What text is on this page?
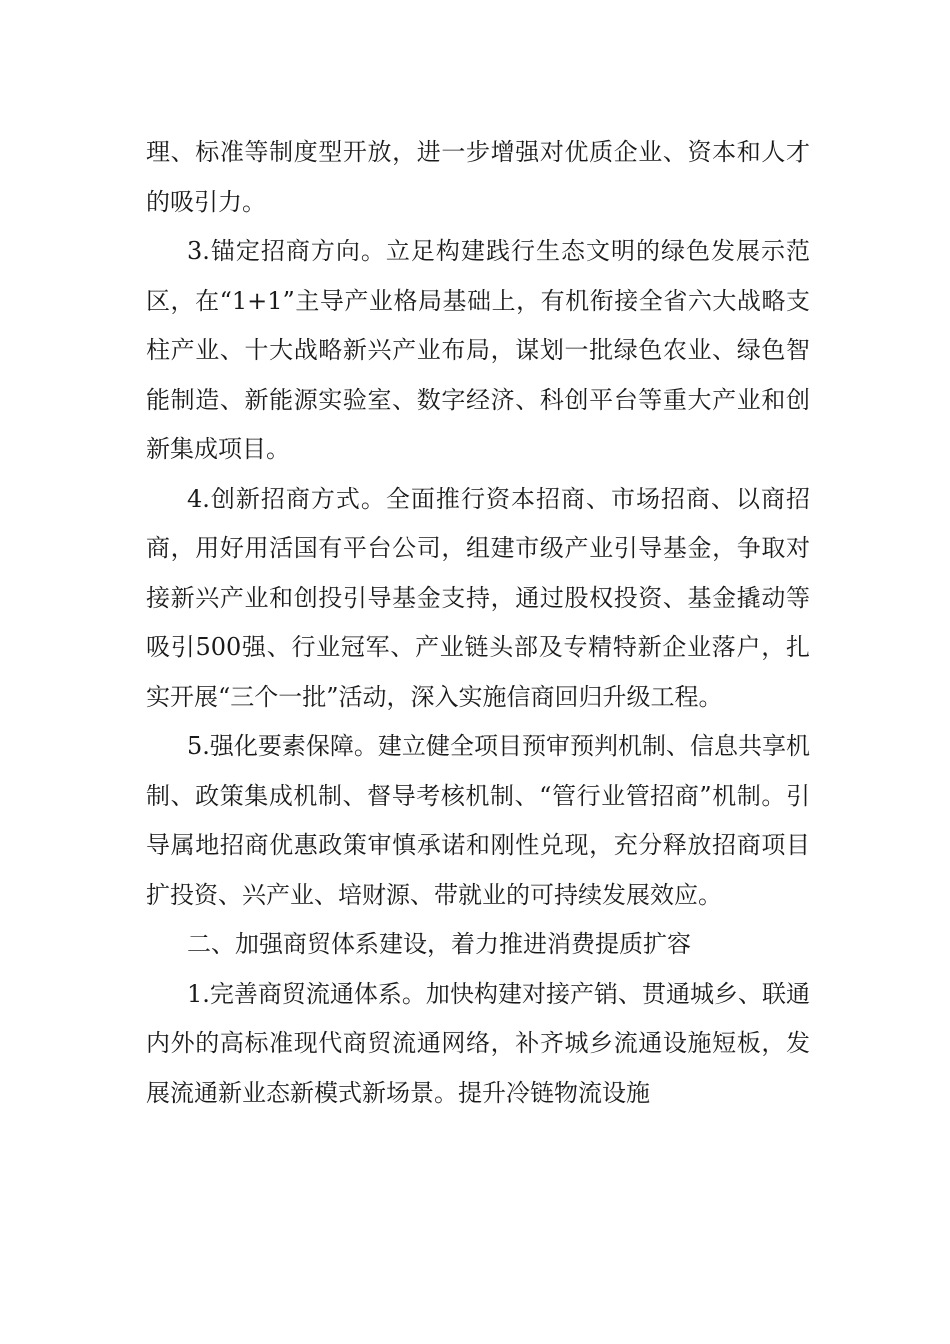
理、标准等制度型开放，进一步增强对优质企业、资本和人才的吸引力。

3.锚定招商方向。立足构建践行生态文明的绿色发展示范区，在“1+1”主导产业格局基础上，有机衔接全省六大战略支柱产业、十大战略新兴产业布局，谋划一批绿色农业、绿色智能制造、新能源实验室、数字经济、科创平台等重大产业和创新集成项目。

4.创新招商方式。全面推行资本招商、市场招商、以商招商，用好用活国有平台公司，组建市级产业引导基金，争取对接新兴产业和创投引导基金支持，通过股权投资、基金撬动等吸引500强、行业冠军、产业链头部及专精特新企业落户，扎实开展“三个一批”活动，深入实施信商回归升级工程。

5.强化要素保障。建立健全项目预审预判机制、信息共享机制、政策集成机制、督导考核机制、“管行业管招商”机制。引导属地招商优惠政策审慎承诺和刚性兑现，充分释放招商项目扩投资、兴产业、培财源、带就业的可持续发展效应。

二、加强商贸体系建设，着力推进消费提质扩容

1.完善商贸流通体系。加快构建对接产销、贯通城乡、联通内外的高标准现代商贸流通网络，补齐城乡流通设施短板，发展流通新业态新模式新场景。提升冷链物流设施
